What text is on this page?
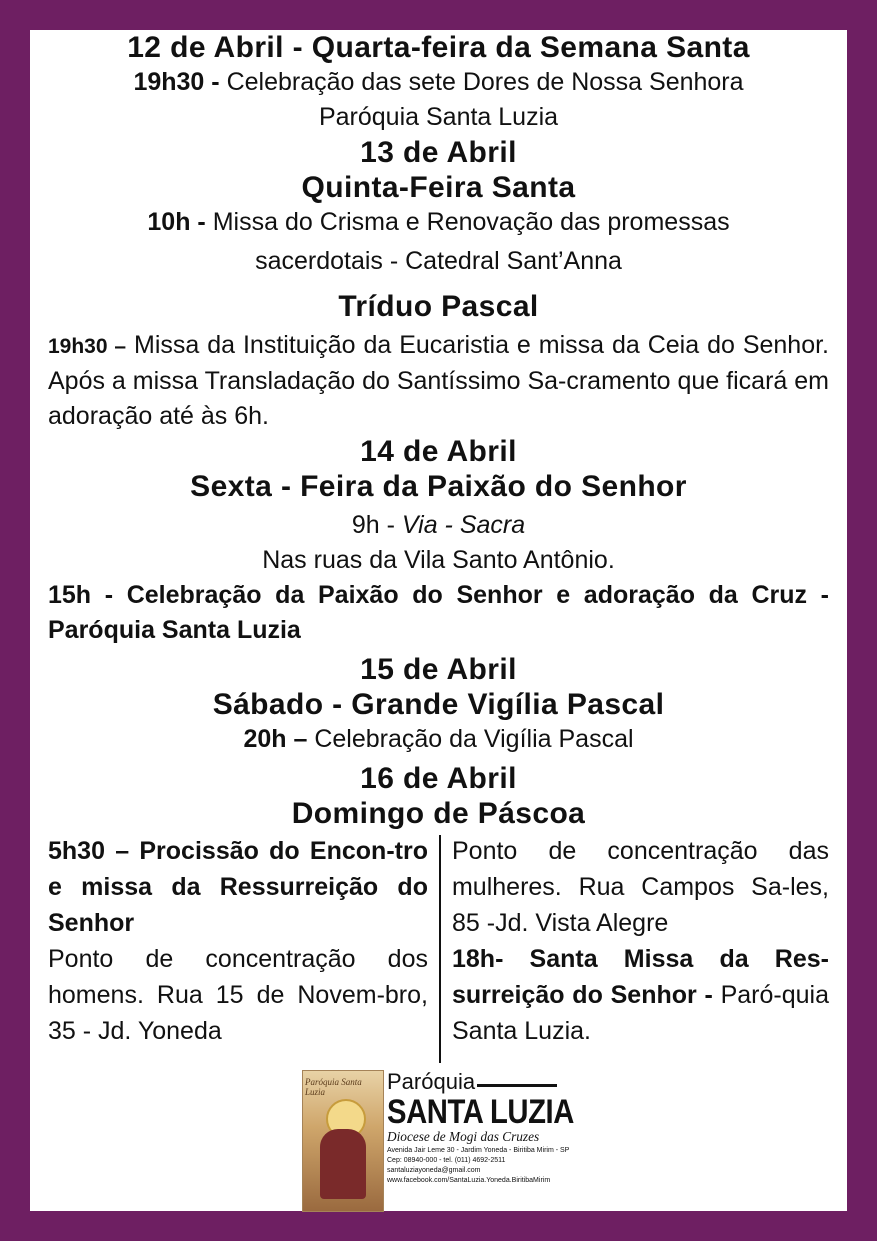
12 de Abril - Quarta-feira da Semana Santa
19h30 - Celebração das sete Dores de Nossa Senhora
Paróquia Santa Luzia
13 de Abril
Quinta-Feira Santa
10h - Missa do Crisma e Renovação das promessas
sacerdotais - Catedral Sant’Anna
Tríduo Pascal
19h30 – Missa da Instituição da Eucaristia e missa da Ceia do Senhor. Após a missa Transladação do Santíssimo Sa-cramento que ficará em adoração até às 6h.
14 de Abril
Sexta - Feira da Paixão do Senhor
9h - Via - Sacra
Nas ruas da Vila Santo Antônio.
15h - Celebração da Paixão do Senhor e adoração da Cruz - Paróquia Santa Luzia
15 de Abril
Sábado - Grande Vigília Pascal
20h – Celebração da Vigília Pascal
16 de Abril
Domingo de Páscoa
5h30 – Procissão do Encon-tro e missa da Ressurreição do Senhor
Ponto de concentração dos homens. Rua 15 de Novem-bro, 35 - Jd. Yoneda
Ponto de concentração das mulheres. Rua Campos Sa-les, 85 -Jd. Vista Alegre
18h- Santa Missa da Res-surreição do Senhor - Paró-quia Santa Luzia.
Paróquia Santa Luzia	Paróquia
SANTA LUZIA
Diocese de Mogi das Cruzes
Avenida Jair Leme 30 - Jardim Yoneda - Biritiba Mirim - SP
Cep: 08940-000 - tel. (011) 4692-2511
santaluziayoneda@gmail.com
www.facebook.com/SantaLuzia.Yoneda.BiritibaMirim
